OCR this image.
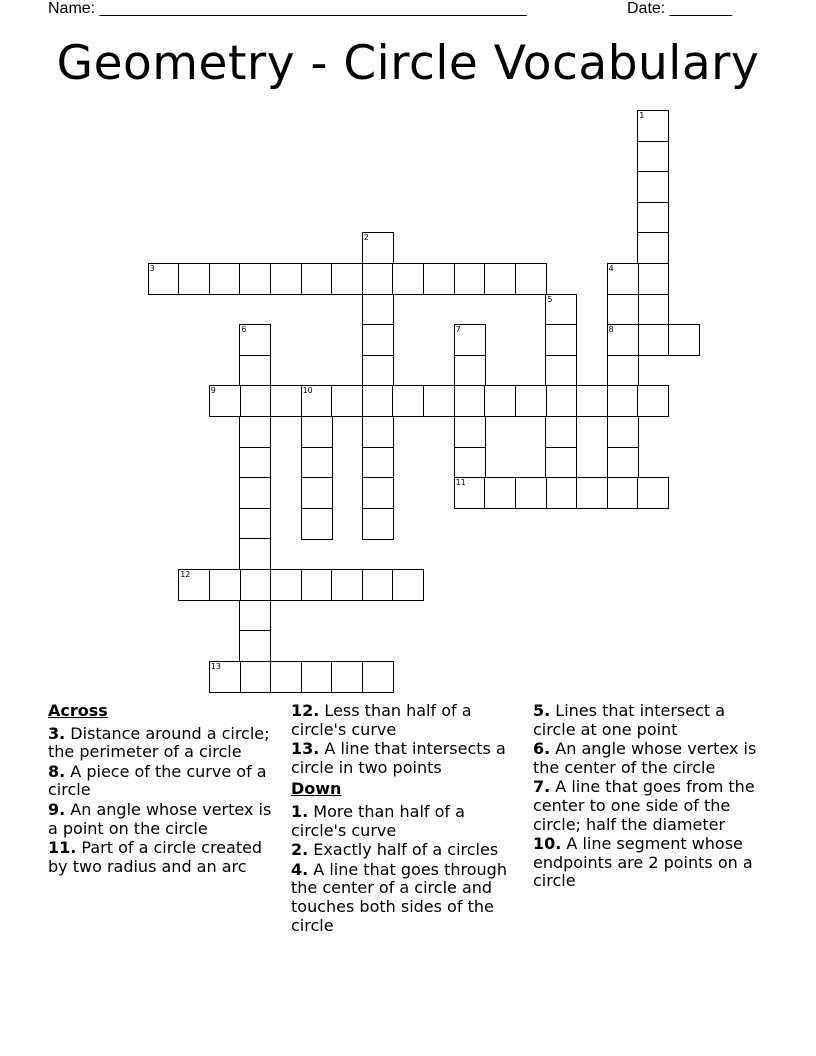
Name: ________________________________________________	Date: _______
Geometry - Circle Vocabulary
1
2
3	4
8
5
6	7
11
9	10
12
13
Across
3. Distance around a circle; the perimeter of a circle
8. A piece of the curve of a circle
9. An angle whose vertex is a point on the circle
11. Part of a circle created by two radius and an arc
12. Less than half of a circle's curve
13. A line that intersects a circle in two points
Down
1. More than half of a circle's curve
2. Exactly half of a circles
4. A line that goes through the center of a circle and touches both sides of the circle
5. Lines that intersect a circle at one point
6. An angle whose vertex is the center of the circle
7. A line that goes from the center to one side of the circle; half the diameter
10. A line segment whose endpoints are 2 points on a circle
